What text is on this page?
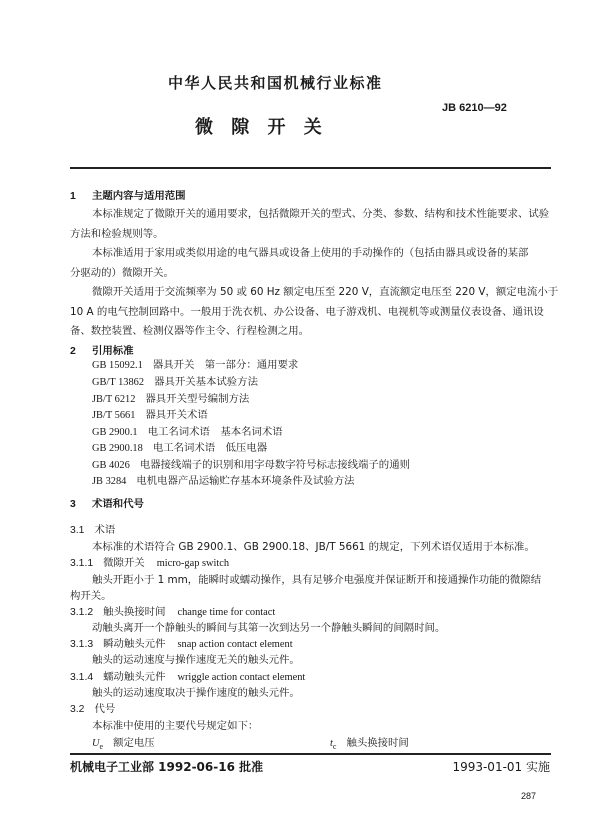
中华人民共和国机械行业标准
JB 6210—92
微 隙 开 关
1 主题内容与适用范围
本标准规定了微隙开关的通用要求，包括微隙开关的型式、分类、参数、结构和技术性能要求、试验
方法和检验规则等。
本标准适用于家用或类似用途的电气器具或设备上使用的手动操作的（包括由器具或设备的某部
分驱动的）微隙开关。
微隙开关适用于交流频率为 50 或 60 Hz 额定电压至 220 V，直流额定电压至 220 V，额定电流小于
10 A 的电气控制回路中。一般用于洗衣机、办公设备、电子游戏机、电视机等或测量仪表设备、通讯设
备、数控装置、检测仪器等作主令、行程检测之用。
2 引用标准
GB 15092.1 器具开关　第一部分：通用要求
GB/T 13862 器具开关基本试验方法
JB/T 6212 器具开关型号编制方法
JB/T 5661 器具开关术语
GB 2900.1 电工名词术语　基本名词术语
GB 2900.18 电工名词术语　低压电器
GB 4026 电器接线端子的识别和用字母数字符号标志接线端子的通则
JB 3284 电机电器产品运输贮存基本环境条件及试验方法
3 术语和代号
3.1 术语
本标准的术语符合 GB 2900.1、GB 2900.18、JB/T 5661 的规定，下列术语仅适用于本标准。
3.1.1 微隙开关 micro-gap switch
触头开距小于 1 mm，能瞬时或蠕动操作，具有足够介电强度并保证断开和接通操作功能的微隙结
构开关。
3.1.2 触头换接时间 change time for contact
动触头离开一个静触头的瞬间与其第一次到达另一个静触头瞬间的间隔时间。
3.1.3 瞬动触头元件 snap action contact element
触头的运动速度与操作速度无关的触头元件。
3.1.4 蠕动触头元件 wriggle action contact element
触头的运动速度取决于操作速度的触头元件。
3.2 代号
本标准中使用的主要代号规定如下：
$U_e$ 额定电压	$t_c$ 触头换接时间
机械电子工业部 1992-06-16 批准	1993-01-01 实施
287
